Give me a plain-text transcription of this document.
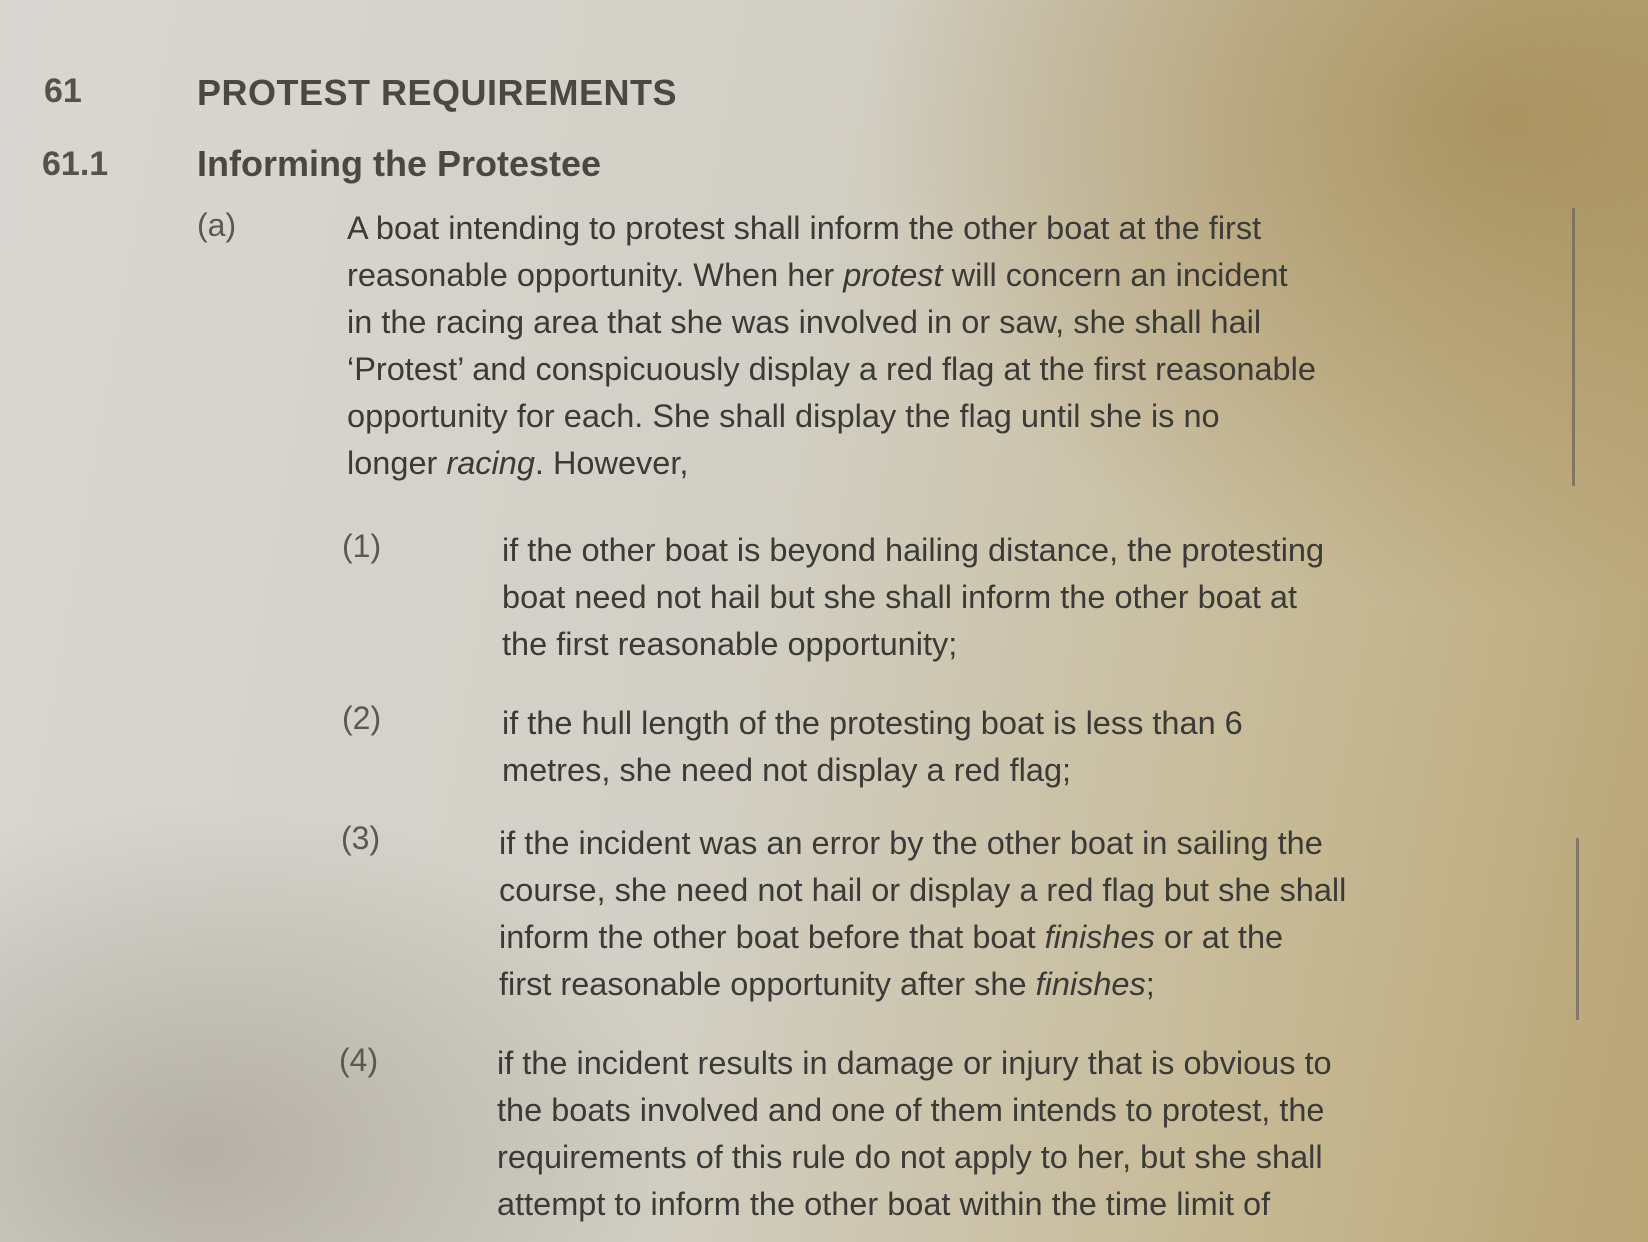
61	PROTEST REQUIREMENTS
61.1 Informing the Protestee
(a)	A boat intending to protest shall inform the other boat at the first
reasonable opportunity. When her protest will concern an incident
in the racing area that she was involved in or saw, she shall hail
‘Protest’ and conspicuously display a red flag at the first reasonable
opportunity for each. She shall display the flag until she is no
longer racing. However,

(1)	if the other boat is beyond hailing distance, the protesting
boat need not hail but she shall inform the other boat at
the first reasonable opportunity;

(2)	if the hull length of the protesting boat is less than 6
metres, she need not display a red flag;

(3)	if the incident was an error by the other boat in sailing the
course, she need not hail or display a red flag but she shall
inform the other boat before that boat finishes or at the
first reasonable opportunity after she finishes;

(4)	if the incident results in damage or injury that is obvious to
the boats involved and one of them intends to protest, the
requirements of this rule do not apply to her, but she shall
attempt to inform the other boat within the time limit of
